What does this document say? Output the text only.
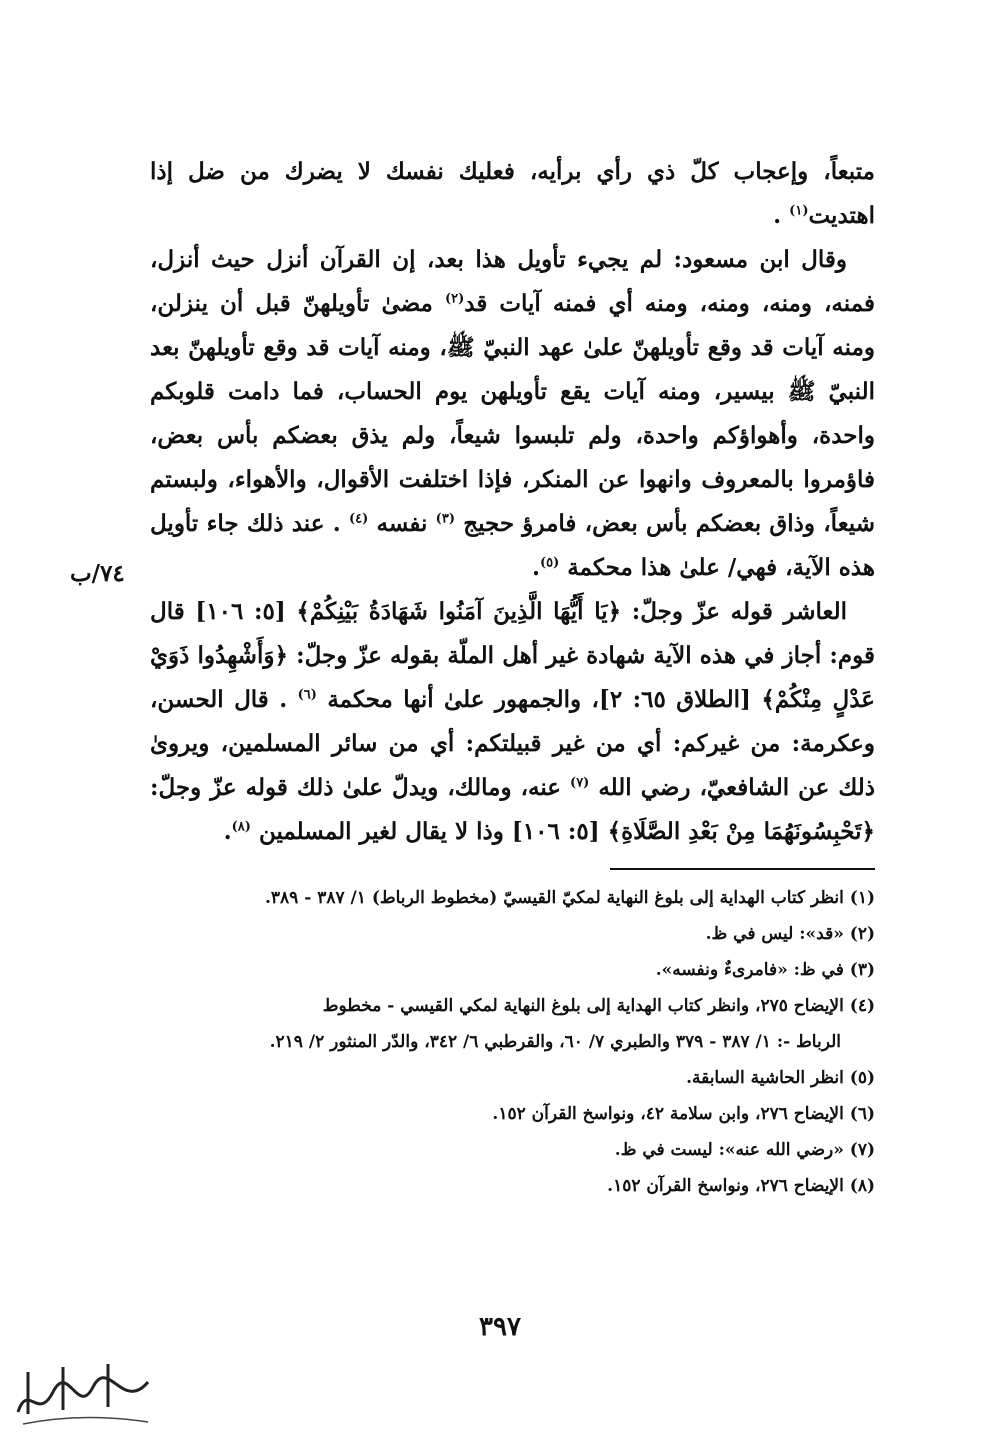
متبعاً، وإعجاب كلّ ذي رأي برأيه، فعليك نفسك لا يضرك من ضل إذا اهتديت$^{(١)}$ .

وقال ابن مسعود: لم يجيء تأويل هذا بعد، إن القرآن أنزل حيث أنزل، فمنه، ومنه، ومنه، ومنه أي فمنه آيات قد$^{(٢)}$ مضىٰ تأويلهنّ قبل أن ينزلن، ومنه آيات قد وقع تأويلهنّ علىٰ عهد النبيّ ﷺ، ومنه آيات قد وقع تأويلهنّ بعد النبيّ ﷺ بيسير، ومنه آيات يقع تأويلهن يوم الحساب، فما دامت قلوبكم واحدة، وأهواؤكم واحدة، ولم تلبسوا شيعاً، ولم يذق بعضكم بأس بعض، فاؤمروا بالمعروف وانهوا عن المنكر، فإذا اختلفت الأقوال، والأهواء، ولبستم شيعاً، وذاق بعضكم بأس بعض، فامرؤ حجيج $^{(٣)}$ نفسه $^{(٤)}$ . عند ذلك جاء تأويل هذه الآية، فهي/ علىٰ هذا محكمة $^{(٥)}$.

العاشر قوله عزّ وجلّ: ﴿يَا أَيُّهَا الَّذِينَ آمَنُوا شَهَادَةُ بَيْنِكُمْ﴾ [٥: ١٠٦] قال قوم: أجاز في هذه الآية شهادة غير أهل الملّة بقوله عزّ وجلّ: ﴿وَأَشْهِدُوا ذَوَيْ عَدْلٍ مِنْكُمْ﴾ [الطلاق ٦٥: ٢]، والجمهور علىٰ أنها محكمة $^{(٦)}$ . قال الحسن، وعكرمة: من غيركم: أي من غير قبيلتكم: أي من سائر المسلمين، ويروىٰ ذلك عن الشافعيّ، رضي الله $^{(٧)}$ عنه، ومالك، ويدلّ علىٰ ذلك قوله عزّ وجلّ: ﴿تَحْبِسُونَهُمَا مِنْ بَعْدِ الصَّلَاةِ﴾ [٥: ١٠٦] وذا لا يقال لغير المسلمين $^{(٨)}$.

(١) انظر كتاب الهداية إلى بلوغ النهاية لمكيّ القيسيّ (مخطوط الرباط) ١/ ٣٨٧ - ٣٨٩.

(٢) «قد»: ليس في ظ.

(٣) في ظ: «فامرىءٌ ونفسه».

(٤) الإيضاح ٢٧٥، وانظر كتاب الهداية إلى بلوغ النهاية لمكي القيسي - مخطوط

الرباط -: ١/ ٣٨٧ - ٣٧٩ والطبري ٧/ ٦٠، والقرطبي ٦/ ٣٤٢، والدّر المنثور ٢/ ٢١٩.

(٥) انظر الحاشية السابقة.

(٦) الإيضاح ٢٧٦، وابن سلامة ٤٢، ونواسخ القرآن ١٥٢.

(٧) «رضي الله عنه»: ليست في ظ.

(٨) الإيضاح ٢٧٦، ونواسخ القرآن ١٥٢.

٧٤/ب
٣٩٧
